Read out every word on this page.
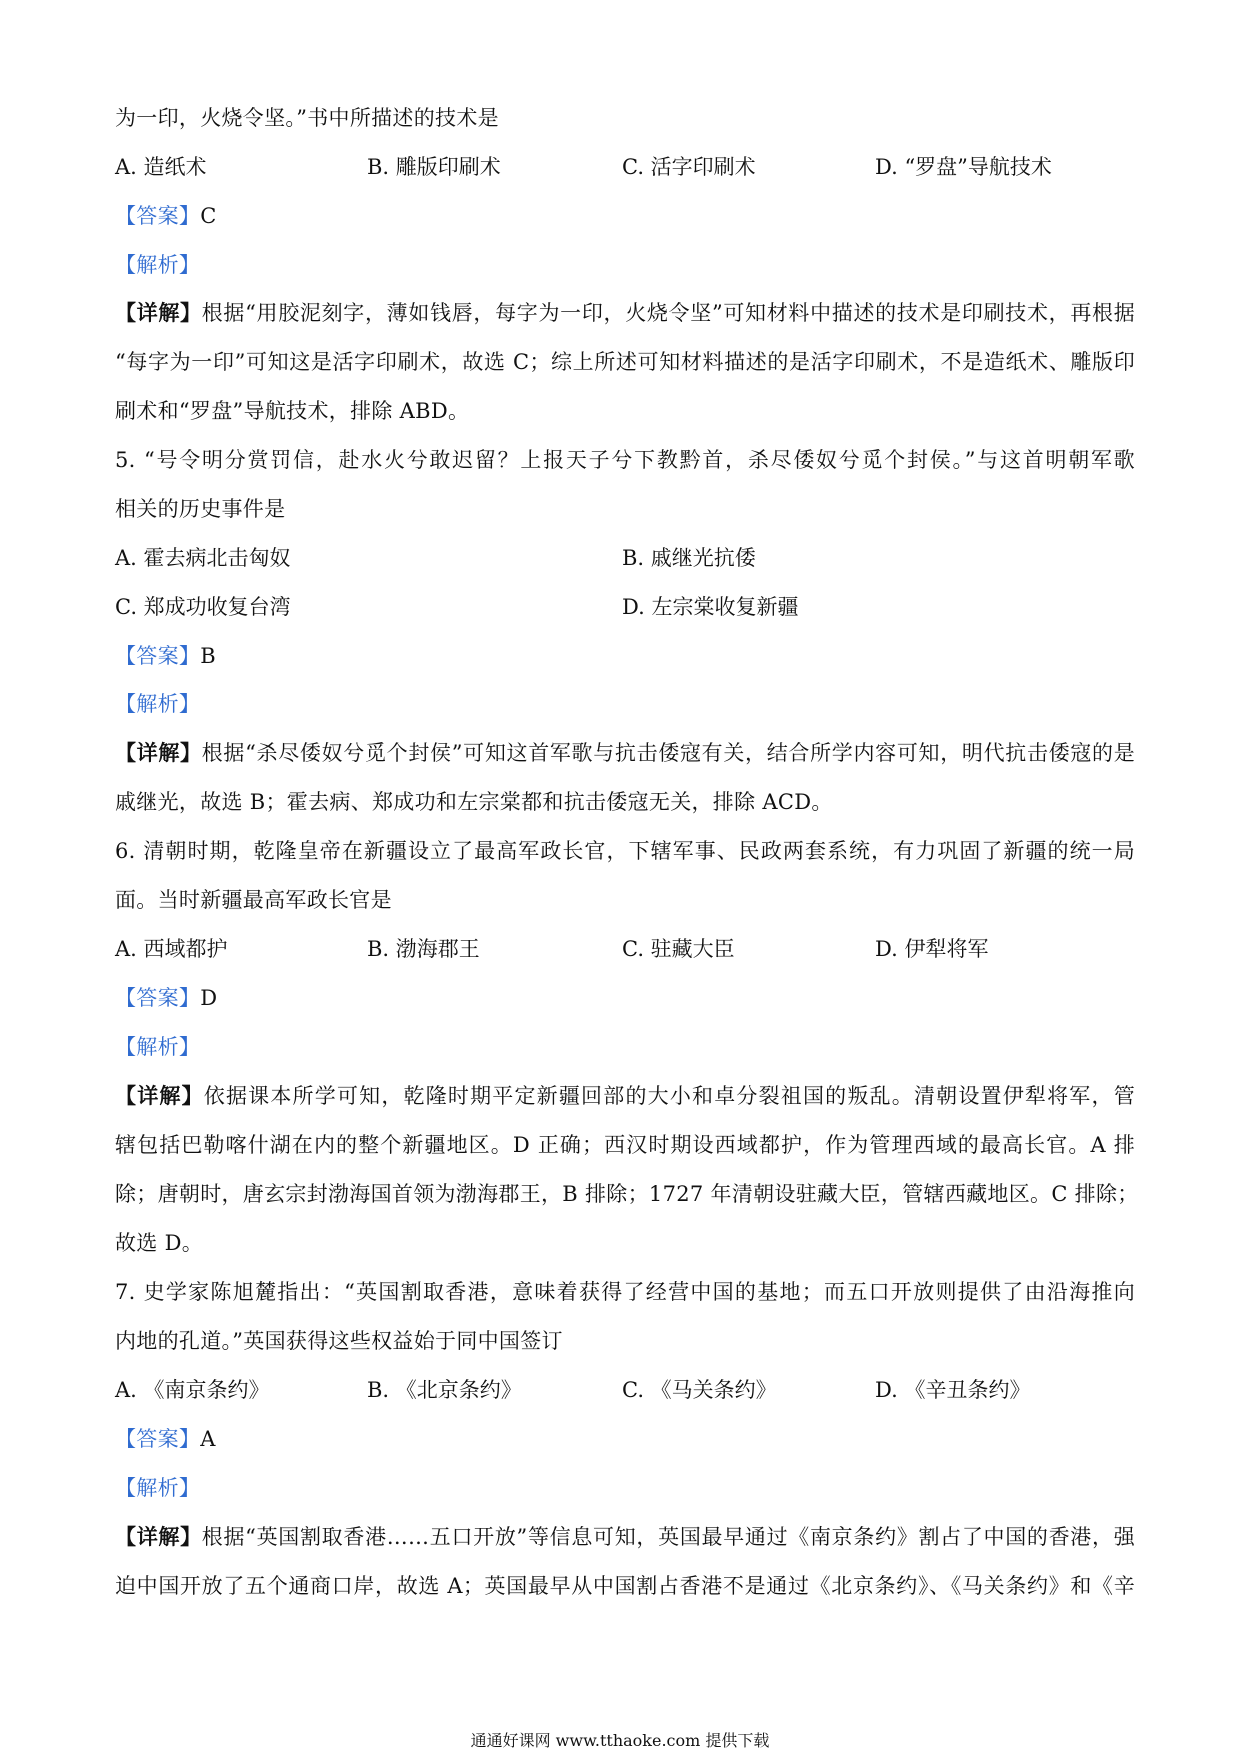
为一印，火烧令坚。”书中所描述的技术是
A. 造纸术	B. 雕版印刷术	C. 活字印刷术	D. “罗盘”导航技术
【答案】C
【解析】
【详解】根据“用胶泥刻字，薄如钱唇，每字为一印，火烧令坚”可知材料中描述的技术是印刷技术，再根据
“每字为一印”可知这是活字印刷术，故选 C；综上所述可知材料描述的是活字印刷术，不是造纸术、雕版印
刷术和“罗盘”导航技术，排除 ABD。
5. “号令明分赏罚信，赴水火兮敢迟留？上报天子兮下教黔首，杀尽倭奴兮觅个封侯。”与这首明朝军歌
相关的历史事件是
A. 霍去病北击匈奴	B. 戚继光抗倭
C. 郑成功收复台湾	D. 左宗棠收复新疆
【答案】B
【解析】
【详解】根据“杀尽倭奴兮觅个封侯”可知这首军歌与抗击倭寇有关，结合所学内容可知，明代抗击倭寇的是
戚继光，故选 B；霍去病、郑成功和左宗棠都和抗击倭寇无关，排除 ACD。
6. 清朝时期，乾隆皇帝在新疆设立了最高军政长官，下辖军事、民政两套系统，有力巩固了新疆的统一局
面。当时新疆最高军政长官是
A. 西域都护	B. 渤海郡王	C. 驻藏大臣	D. 伊犁将军
【答案】D
【解析】
【详解】依据课本所学可知，乾隆时期平定新疆回部的大小和卓分裂祖国的叛乱。清朝设置伊犁将军，管
辖包括巴勒喀什湖在内的整个新疆地区。D 正确；西汉时期设西域都护，作为管理西域的最高长官。A 排
除；唐朝时，唐玄宗封渤海国首领为渤海郡王，B 排除；1727 年清朝设驻藏大臣，管辖西藏地区。C 排除；
故选 D。
7. 史学家陈旭麓指出：“英国割取香港，意味着获得了经营中国的基地；而五口开放则提供了由沿海推向
内地的孔道。”英国获得这些权益始于同中国签订
A. 《南京条约》	B. 《北京条约》	C. 《马关条约》	D. 《辛丑条约》
【答案】A
【解析】
【详解】根据“英国割取香港……五口开放”等信息可知，英国最早通过《南京条约》割占了中国的香港，强
迫中国开放了五个通商口岸，故选 A；英国最早从中国割占香港不是通过《北京条约》、《马关条约》和《辛
通通好课网 www.tthaoke.com 提供下载
